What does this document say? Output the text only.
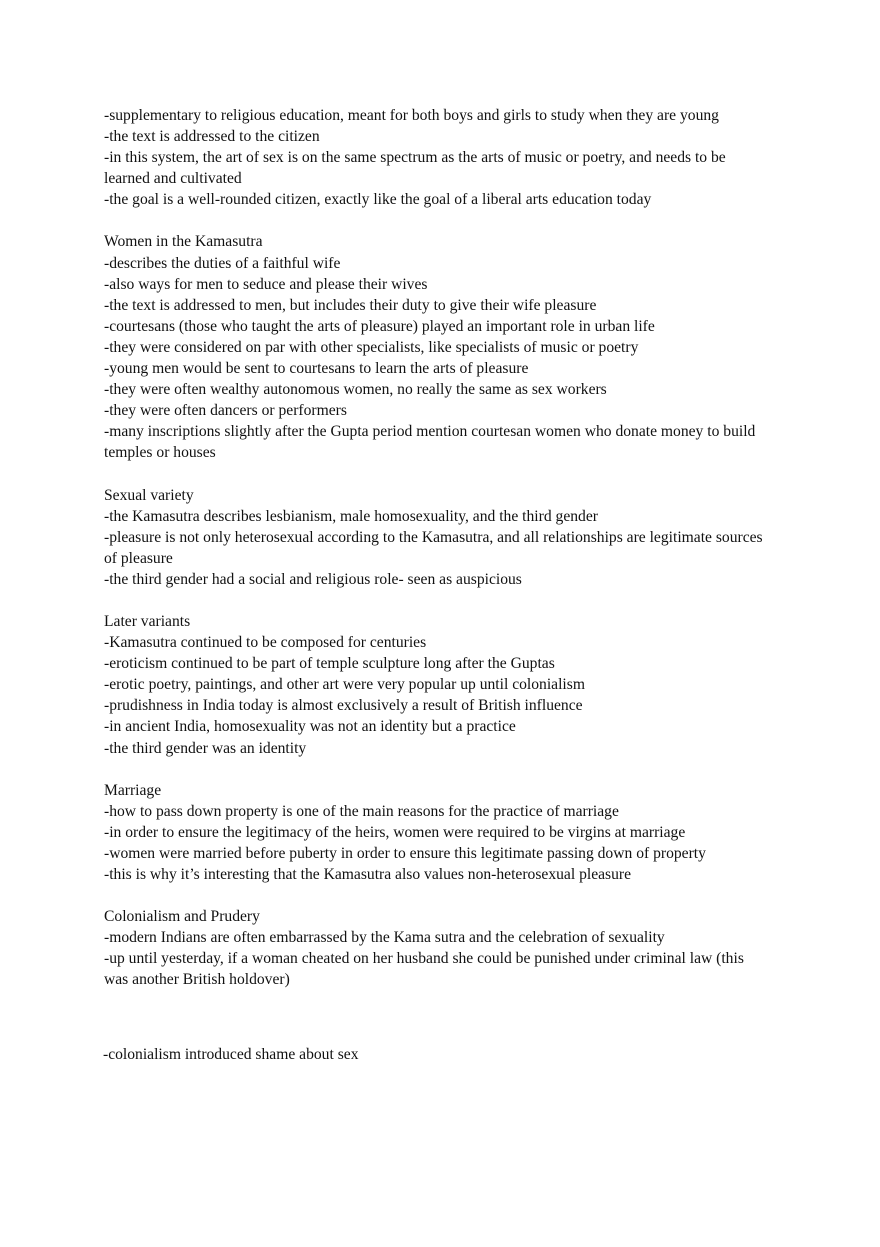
-supplementary to religious education, meant for both boys and girls to study when they are young
-the text is addressed to the citizen
-in this system, the art of sex is on the same spectrum as the arts of music or poetry, and needs to be learned and cultivated
-the goal is a well-rounded citizen, exactly like the goal of a liberal arts education today
Women in the Kamasutra
-describes the duties of a faithful wife
-also ways for men to seduce and please their wives
-the text is addressed to men, but includes their duty to give their wife pleasure
-courtesans (those who taught the arts of pleasure) played an important role in urban life
-they were considered on par with other specialists, like specialists of music or poetry
-young men would be sent to courtesans to learn the arts of pleasure
-they were often wealthy autonomous women, no really the same as sex workers
-they were often dancers or performers
-many inscriptions slightly after the Gupta period mention courtesan women who donate money to build temples or houses
Sexual variety
-the Kamasutra describes lesbianism, male homosexuality, and the third gender
-pleasure is not only heterosexual according to the Kamasutra, and all relationships are legitimate sources of pleasure
-the third gender had a social and religious role- seen as auspicious
Later variants
-Kamasutra continued to be composed for centuries
-eroticism continued to be part of temple sculpture long after the Guptas
-erotic poetry, paintings, and other art were very popular up until colonialism
-prudishness in India today is almost exclusively a result of British influence
-in ancient India, homosexuality was not an identity but a practice
-the third gender was an identity
Marriage
-how to pass down property is one of the main reasons for the practice of marriage
-in order to ensure the legitimacy of the heirs, women were required to be virgins at marriage
-women were married before puberty in order to ensure this legitimate passing down of property
-this is why it’s interesting that the Kamasutra also values non-heterosexual pleasure
Colonialism and Prudery
-modern Indians are often embarrassed by the Kama sutra and the celebration of sexuality
-up until yesterday, if a woman cheated on her husband she could be punished under criminal law (this was another British holdover)
-colonialism introduced shame about sex
